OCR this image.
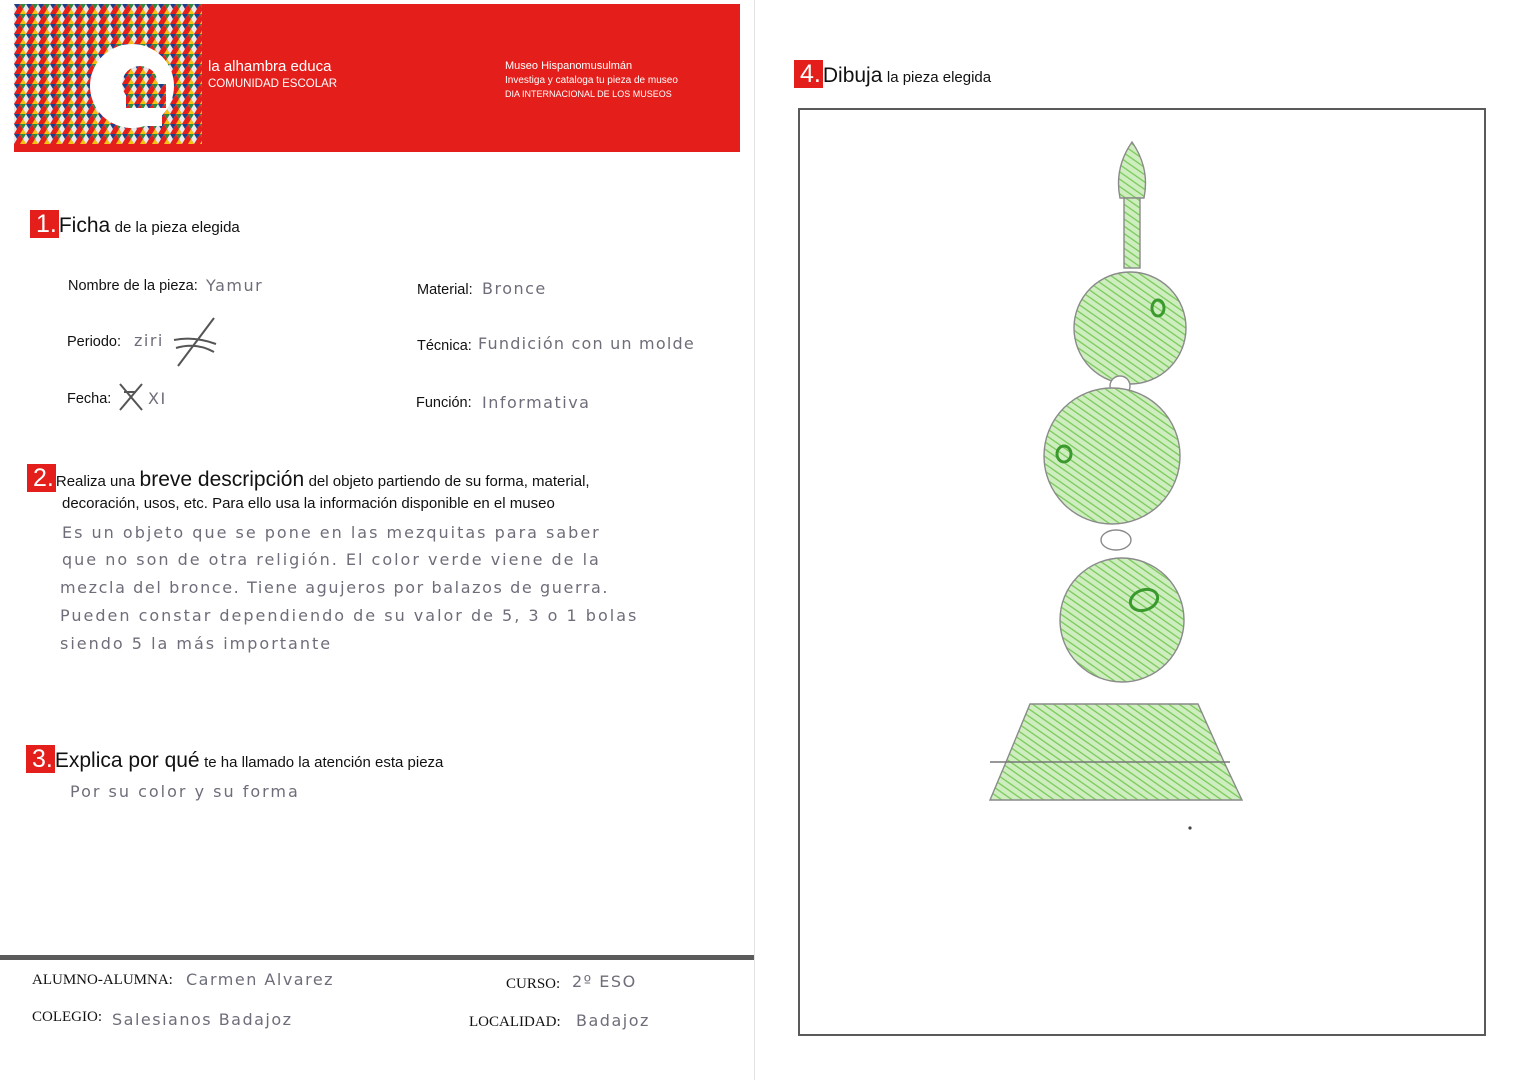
la alhambra educa
COMUNIDAD ESCOLAR
Museo Hispanomusulmán
Investiga y cataloga tu pieza de museo
DIA INTERNACIONAL DE LOS MUSEOS
1.Ficha de la pieza elegida
Nombre de la pieza: Yamur
Periodo: ziri
Fecha: XI
Material: Bronce
Técnica: Fundición con un molde
Función: Informativa
2. Realiza una breve descripción del objeto partiendo de su forma, material,
decoración, usos, etc. Para ello usa la información disponible en el museo
Es un objeto que se pone en las mezquitas para saber
que no son de otra religión. El color verde viene de la
mezcla del bronce. Tiene agujeros por balazos de guerra.
Pueden constar dependiendo de su valor de 5, 3 o 1 bolas
siendo 5 la más importante
3.Explica por qué te ha llamado la atención esta pieza
Por su color y su forma
ALUMNO-ALUMNA: Carmen Alvarez	CURSO: 2º ESO
COLEGIO: Salesianos Badajoz	LOCALIDAD: Badajoz
4.Dibuja la pieza elegida
